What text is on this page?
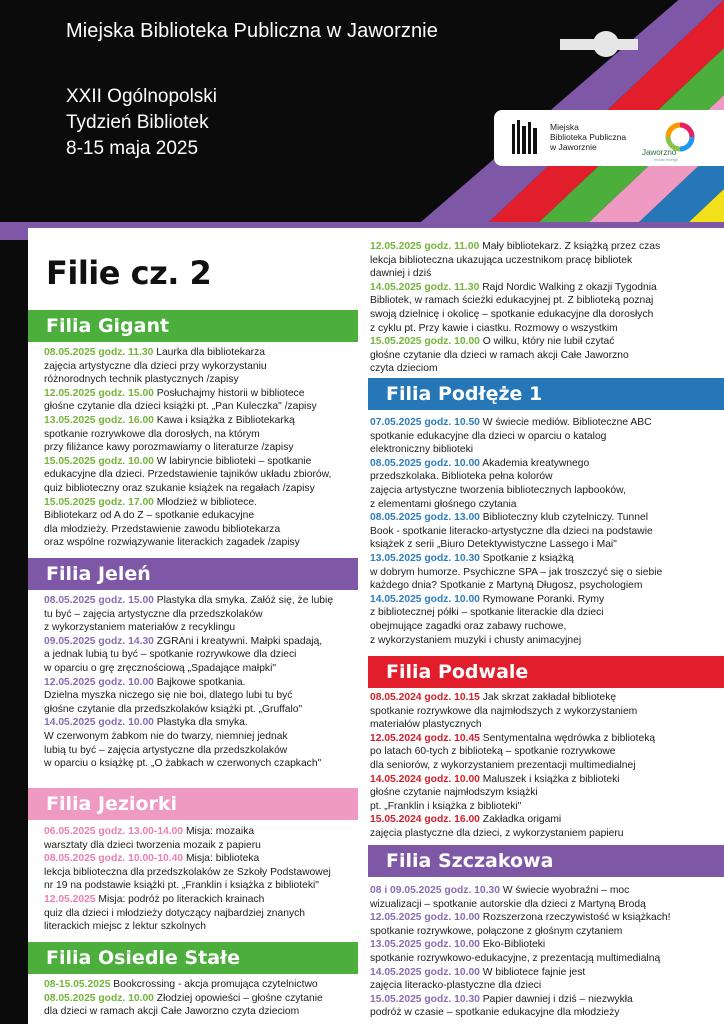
Miejska Biblioteka Publiczna w Jaworznie
XXII Ogólnopolski
Tydzień Bibliotek
8-15 maja 2025
Miejska
Biblioteka Publiczna
w Jaworznie
Jaworzno
źródło energii
Filie cz. 2
Filia Gigant
08.05.2025 godz. 11.30 Laurka dla bibliotekarza
zajęcia artystyczne dla dzieci przy wykorzystaniu
różnorodnych technik plastycznych /zapisy
12.05.2025 godz. 15.00 Posłuchajmy historii w bibliotece
głośne czytanie dla dzieci książki pt. „Pan Kuleczka" /zapisy
13.05.2025 godz. 16.00 Kawa i książka z Bibliotekarką
spotkanie rozrywkowe dla dorosłych, na którym
przy filiżance kawy porozmawiamy o literaturze /zapisy
15.05.2025 godz. 10.00 W labiryncie biblioteki – spotkanie
edukacyjne dla dzieci. Przedstawienie tajników układu zbiorów,
quiz biblioteczny oraz szukanie książek na regałach /zapisy
15.05.2025 godz. 17.00 Młodzież w bibliotece.
Bibliotekarz od A do Z – spotkanie edukacyjne
dla młodzieży. Przedstawienie zawodu bibliotekarza
oraz wspólne rozwiązywanie literackich zagadek /zapisy
Filia Jeleń
08.05.2025 godz. 15.00 Plastyka dla smyka. Załóż się, że lubię
tu być – zajęcia artystyczne dla przedszkolaków
z wykorzystaniem materiałów z recyklingu
09.05.2025 godz. 14.30 ZGRAni i kreatywni. Małpki spadają,
a jednak lubią tu być – spotkanie rozrywkowe dla dzieci
w oparciu o grę zręcznościową „Spadające małpki"
12.05.2025 godz. 10.00 Bajkowe spotkania.
Dzielna myszka niczego się nie boi, dlatego lubi tu być
głośne czytanie dla przedszkolaków książki pt. „Gruffalo"
14.05.2025 godz. 10.00 Plastyka dla smyka.
W czerwonym żabkom nie do twarzy, niemniej jednak
lubią tu być – zajęcia artystyczne dla przedszkolaków
w oparciu o książkę pt. „O żabkach w czerwonych czapkach"
Filia Jeziorki
06.05.2025 godz. 13.00-14.00 Misja: mozaika
warsztaty dla dzieci tworzenia mozaik z papieru
08.05.2025 godz. 10.00-10.40 Misja: biblioteka
lekcja biblioteczna dla przedszkolaków ze Szkoły Podstawowej
nr 19 na podstawie książki pt. „Franklin i książka z biblioteki"
12.05.2025 Misja: podróż po literackich krainach
quiz dla dzieci i młodzieży dotyczący najbardziej znanych
literackich miejsc z lektur szkolnych
Filia Osiedle Stałe
08-15.05.2025 Bookcrossing - akcja promująca czytelnictwo
08.05.2025 godz. 10.00 Złodziej opowieści – głośne czytanie
dla dzieci w ramach akcji Całe Jaworzno czyta dzieciom
12.05.2025 godz. 11.00 Mały bibliotekarz. Z książką przez czas
lekcja biblioteczna ukazująca uczestnikom pracę bibliotek
dawniej i dziś
14.05.2025 godz. 11.30 Rajd Nordic Walking z okazji Tygodnia
Bibliotek, w ramach ścieżki edukacyjnej pt. Z biblioteką poznaj
swoją dzielnicę i okolicę – spotkanie edukacyjne dla dorosłych
z cyklu pt. Przy kawie i ciastku. Rozmowy o wszystkim
15.05.2025 godz. 10.00 O wilku, który nie lubił czytać
głośne czytanie dla dzieci w ramach akcji Całe Jaworzno
czyta dzieciom
Filia Podłęże 1
07.05.2025 godz. 10.50 W świecie mediów. Biblioteczne ABC
spotkanie edukacyjne dla dzieci w oparciu o katalog
elektroniczny biblioteki
08.05.2025 godz. 10.00 Akademia kreatywnego
przedszkolaka. Biblioteka pełna kolorów
zajęcia artystyczne tworzenia bibliotecznych lapbooków,
z elementami głośnego czytania
08.05.2025 godz. 13.00 Biblioteczny klub czytelniczy. Tunnel
Book - spotkanie literacko-artystyczne dla dzieci na podstawie
książek z serii „Biuro Detektywistyczne Lassego i Mai"
13.05.2025 godz. 10.30 Spotkanie z książką
w dobrym humorze. Psychiczne SPA – jak troszczyć się o siebie
każdego dnia? Spotkanie z Martyną Długosz, psychologiem
14.05.2025 godz. 10.00 Rymowane Poranki. Rymy
z bibliotecznej półki – spotkanie literackie dla dzieci
obejmujące zagadki oraz zabawy ruchowe,
z wykorzystaniem muzyki i chusty animacyjnej
Filia Podwale
08.05.2024 godz. 10.15 Jak skrzat zakładał bibliotekę
spotkanie rozrywkowe dla najmłodszych z wykorzystaniem
materiałów plastycznych
12.05.2024 godz. 10.45 Sentymentalna wędrówka z biblioteką
po latach 60-tych z biblioteką – spotkanie rozrywkowe
dla seniorów, z wykorzystaniem prezentacji multimedialnej
14.05.2024 godz. 10.00 Maluszek i książka z biblioteki
głośne czytanie najmłodszym książki
pt. „Franklin i książka z biblioteki"
15.05.2024 godz. 16.00 Zakładka origami
zajęcia plastyczne dla dzieci, z wykorzystaniem papieru
Filia Szczakowa
08 i 09.05.2025 godz. 10.30 W świecie wyobraźni – moc
wizualizacji – spotkanie autorskie dla dzieci z Martyną Brodą
12.05.2025 godz. 10.00 Rozszerzona rzeczywistość w książkach!
spotkanie rozrywkowe, połączone z głośnym czytaniem
13.05.2025 godz. 10.00 Eko-Biblioteki
spotkanie rozrywkowo-edukacyjne, z prezentacją multimedialną
14.05.2025 godz. 10.00 W bibliotece fajnie jest
zajęcia literacko-plastyczne dla dzieci
15.05.2025 godz. 10.30 Papier dawniej i dziś – niezwykła
podróż w czasie – spotkanie edukacyjne dla młodzieży
